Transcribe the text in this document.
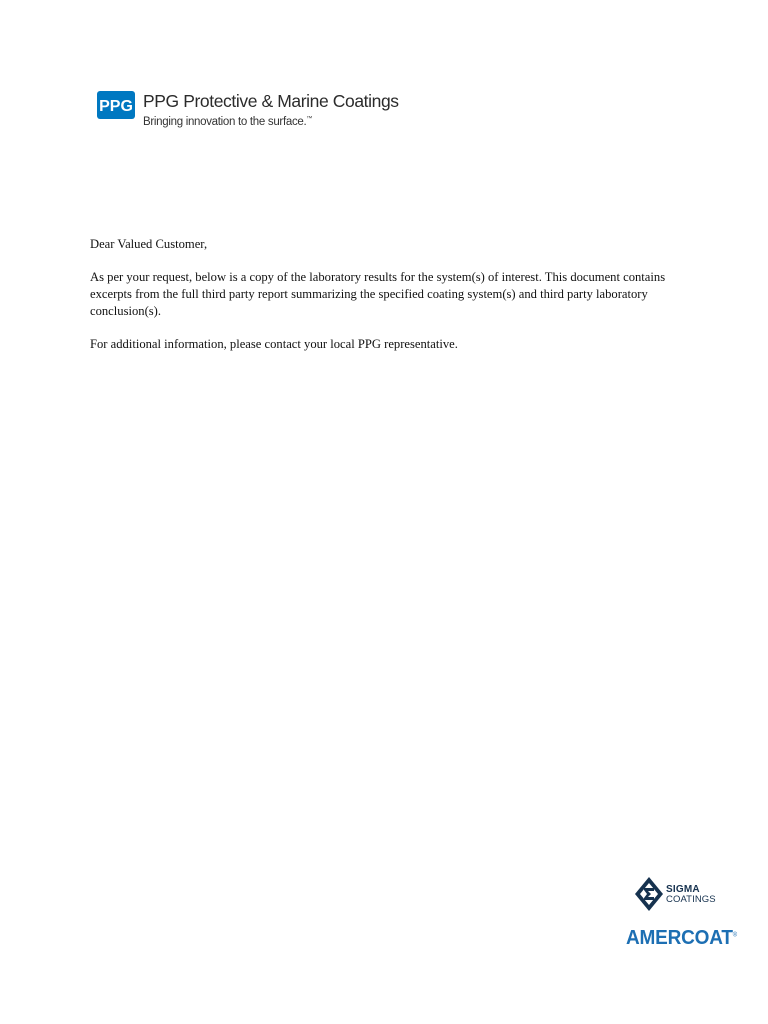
PPG PPG Protective & Marine Coatings
Bringing innovation to the surface.™

Dear Valued Customer,

As per your request, below is a copy of the laboratory results for the system(s) of interest. This document contains excerpts from the full third party report summarizing the specified coating system(s) and third party laboratory conclusion(s).

For additional information, please contact your local PPG representative.

SIGMA
COATINGS
AMERCOAT®
